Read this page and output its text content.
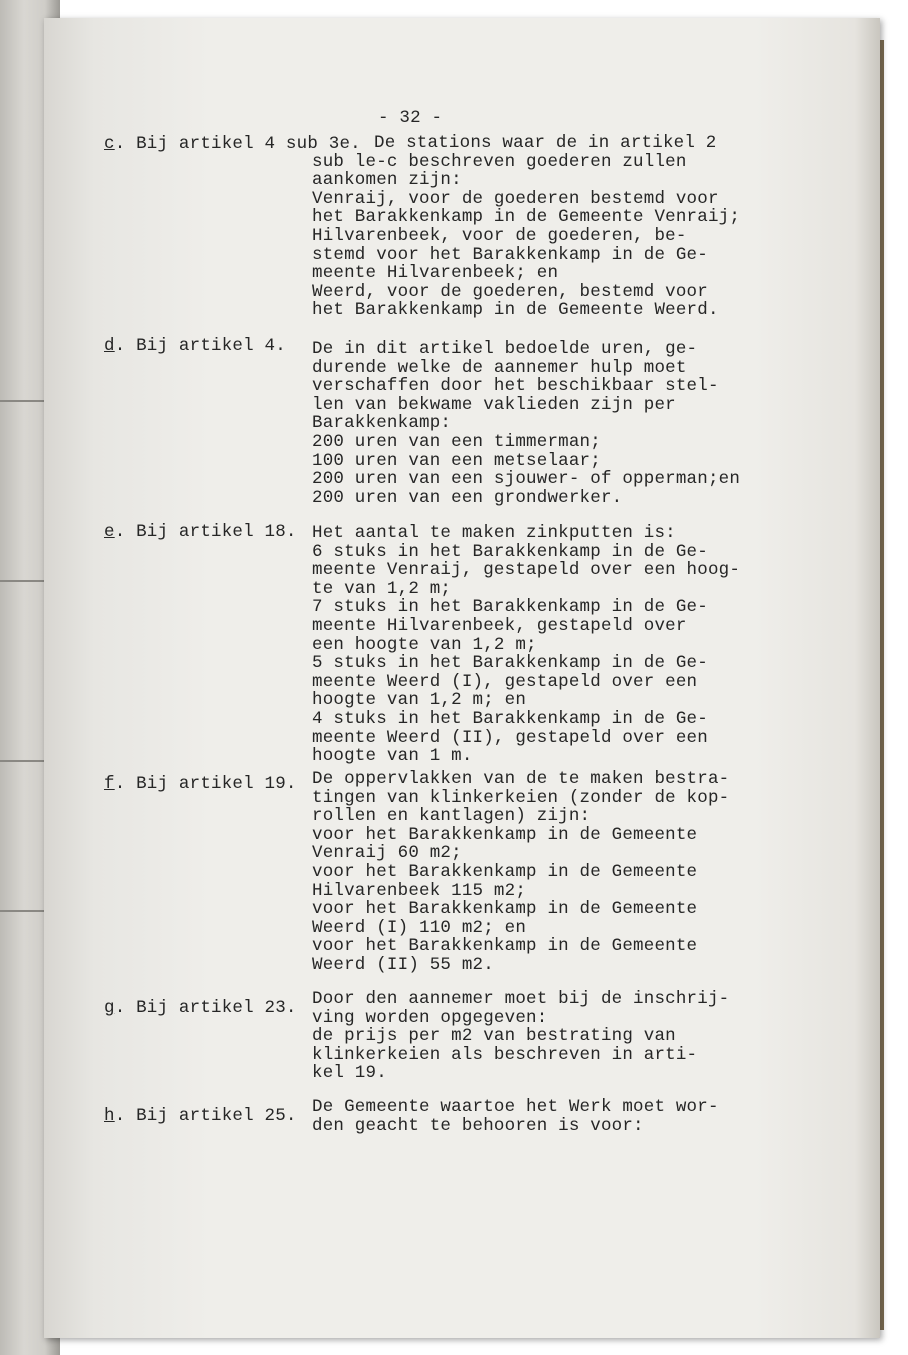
- 32 -
c. Bij artikel 4 sub 3e. De stations waar de in artikel 2
sub le-c beschreven goederen zullen
aankomen zijn:
Venraij, voor de goederen bestemd voor
het Barakkenkamp in de Gemeente Venraij;
Hilvarenbeek, voor de goederen, be-
stemd voor het Barakkenkamp in de Ge-
meente Hilvarenbeek; en
Weerd, voor de goederen, bestemd voor
het Barakkenkamp in de Gemeente Weerd.
d. Bij artikel 4. De in dit artikel bedoelde uren, ge-
durende welke de aannemer hulp moet
verschaffen door het beschikbaar stel-
len van bekwame vaklieden zijn per
Barakkenkamp:
200 uren van een timmerman;
100 uren van een metselaar;
200 uren van een sjouwer- of opperman;en
200 uren van een grondwerker.
e. Bij artikel 18. Het aantal te maken zinkputten is:
6 stuks in het Barakkenkamp in de Ge-
meente Venraij, gestapeld over een hoog-
te van 1,2 m;
7 stuks in het Barakkenkamp in de Ge-
meente Hilvarenbeek, gestapeld over
een hoogte van 1,2 m;
5 stuks in het Barakkenkamp in de Ge-
meente Weerd (I), gestapeld over een
hoogte van 1,2 m; en
4 stuks in het Barakkenkamp in de Ge-
meente Weerd (II), gestapeld over een
hoogte van 1 m.
f. Bij artikel 19. De oppervlakken van de te maken bestra-
tingen van klinkerkeien (zonder de kop-
rollen en kantlagen) zijn:
voor het Barakkenkamp in de Gemeente
Venraij 60 m2;
voor het Barakkenkamp in de Gemeente
Hilvarenbeek 115 m2;
voor het Barakkenkamp in de Gemeente
Weerd (I) 110 m2; en
voor het Barakkenkamp in de Gemeente
Weerd (II) 55 m2.
g. Bij artikel 23. Door den aannemer moet bij de inschrij-
ving worden opgegeven:
de prijs per m2 van bestrating van
klinkerkeien als beschreven in arti-
kel 19.
h. Bij artikel 25. De Gemeente waartoe het Werk moet wor-
den geacht te behooren is voor:
